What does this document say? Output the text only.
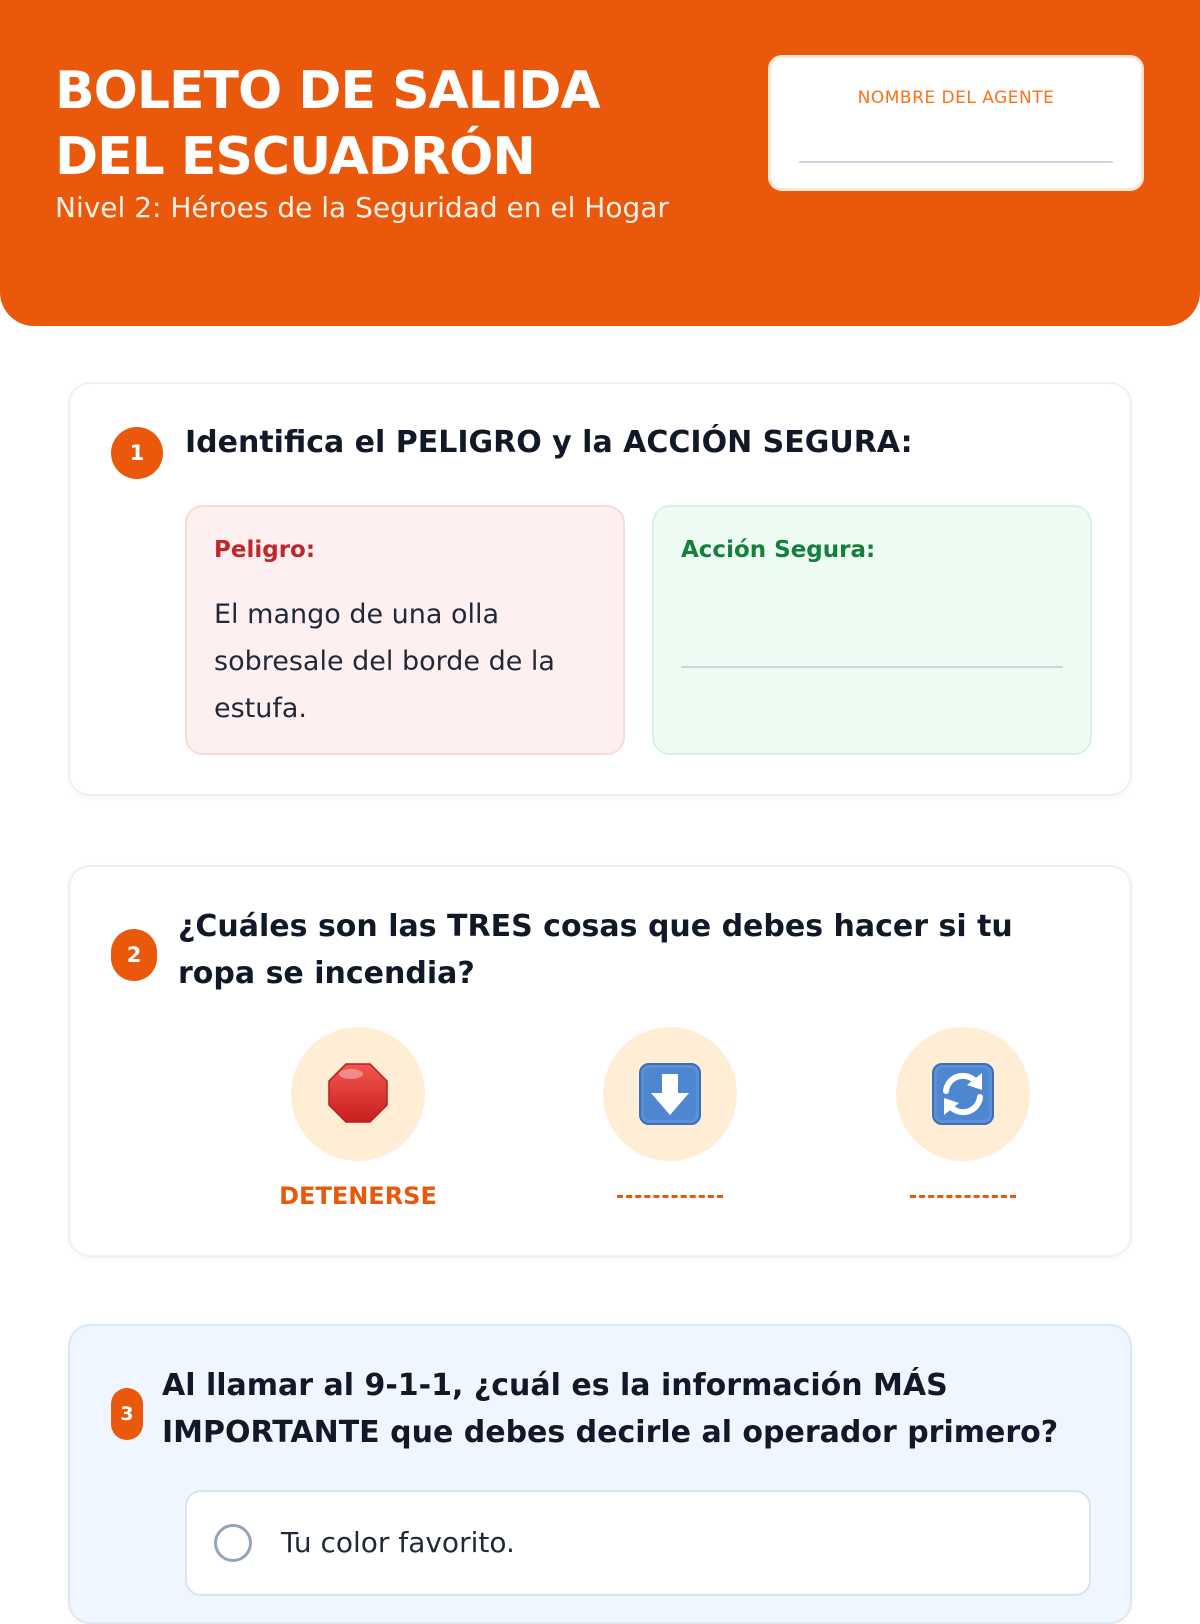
BOLETO DE SALIDA
DEL ESCUADRÓN
Nivel 2: Héroes de la Seguridad en el Hogar
NOMBRE DEL AGENTE
1	Identifica el PELIGRO y la ACCIÓN SEGURA:
Peligro:
El mango de una olla sobresale del borde de la estufa.
Acción Segura:
2
¿Cuáles son las TRES cosas que debes hacer si tu ropa se incendia?
DETENERSE
3
Al llamar al 9-1-1, ¿cuál es la información MÁS IMPORTANTE que debes decirle al operador primero?
Tu color favorito.
